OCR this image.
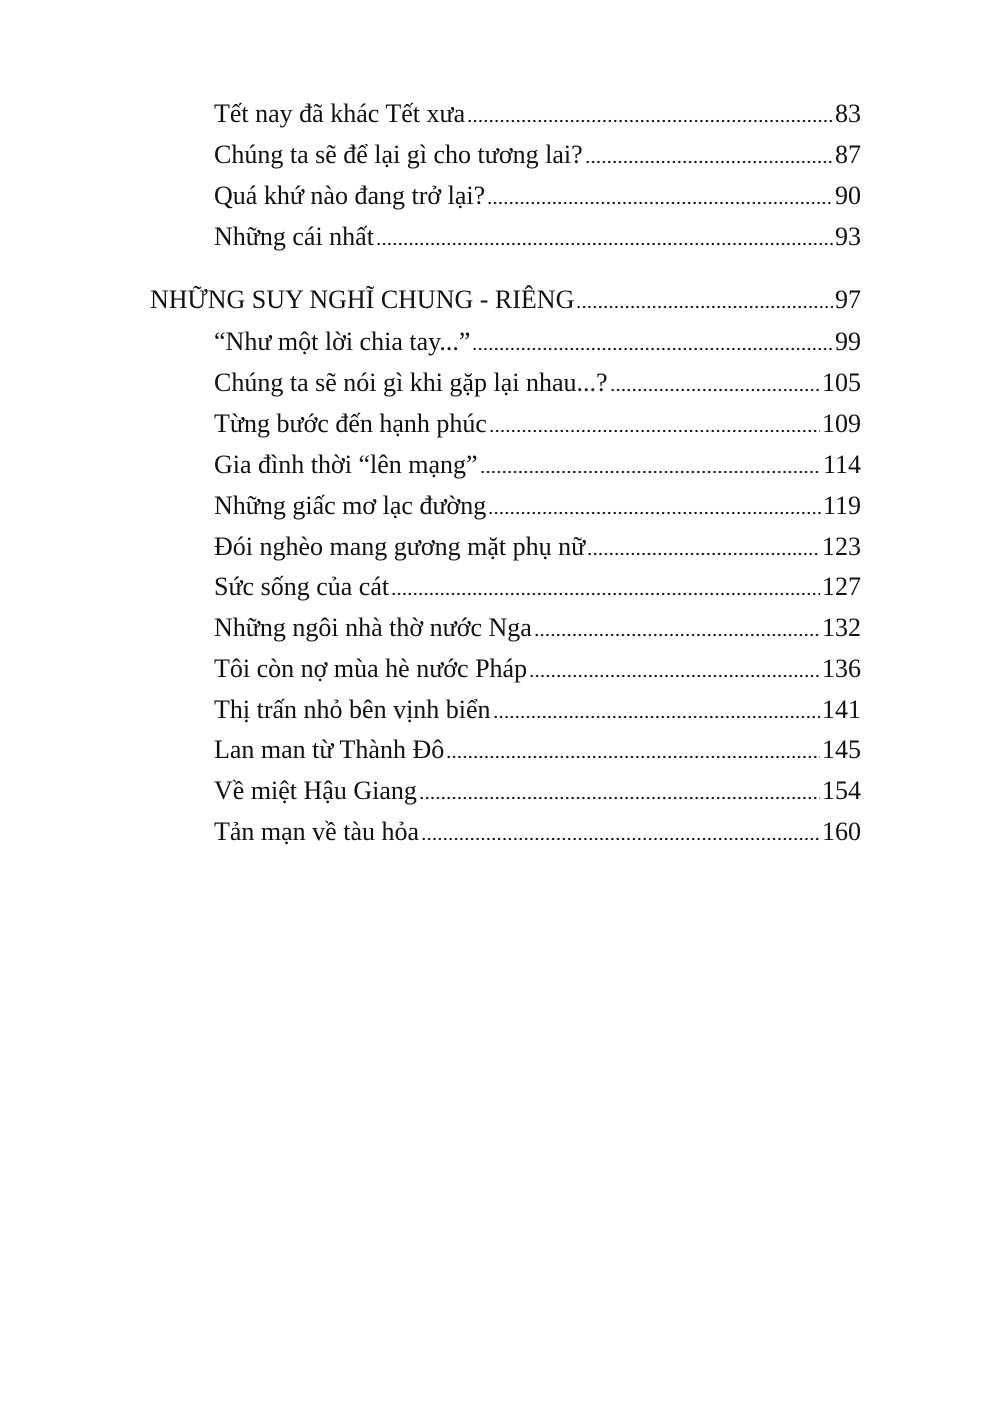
Tết nay đã khác Tết xưa	83
Chúng ta sẽ để lại gì cho tương lai?	87
Quá khứ nào đang trở lại?	90
Những cái nhất	93
NHỮNG SUY NGHĨ CHUNG - RIÊNG	97
“Như một lời chia tay...”	99
Chúng ta sẽ nói gì khi gặp lại nhau...?	105
Từng bước đến hạnh phúc	109
Gia đình thời “lên mạng”	114
Những giấc mơ lạc đường	119
Đói nghèo mang gương mặt phụ nữ	123
Sức sống của cát	127
Những ngôi nhà thờ nước Nga	132
Tôi còn nợ mùa hè nước Pháp	136
Thị trấn nhỏ bên vịnh biển	141
Lan man từ Thành Đô	145
Về miệt Hậu Giang	154
Tản mạn về tàu hỏa	160
